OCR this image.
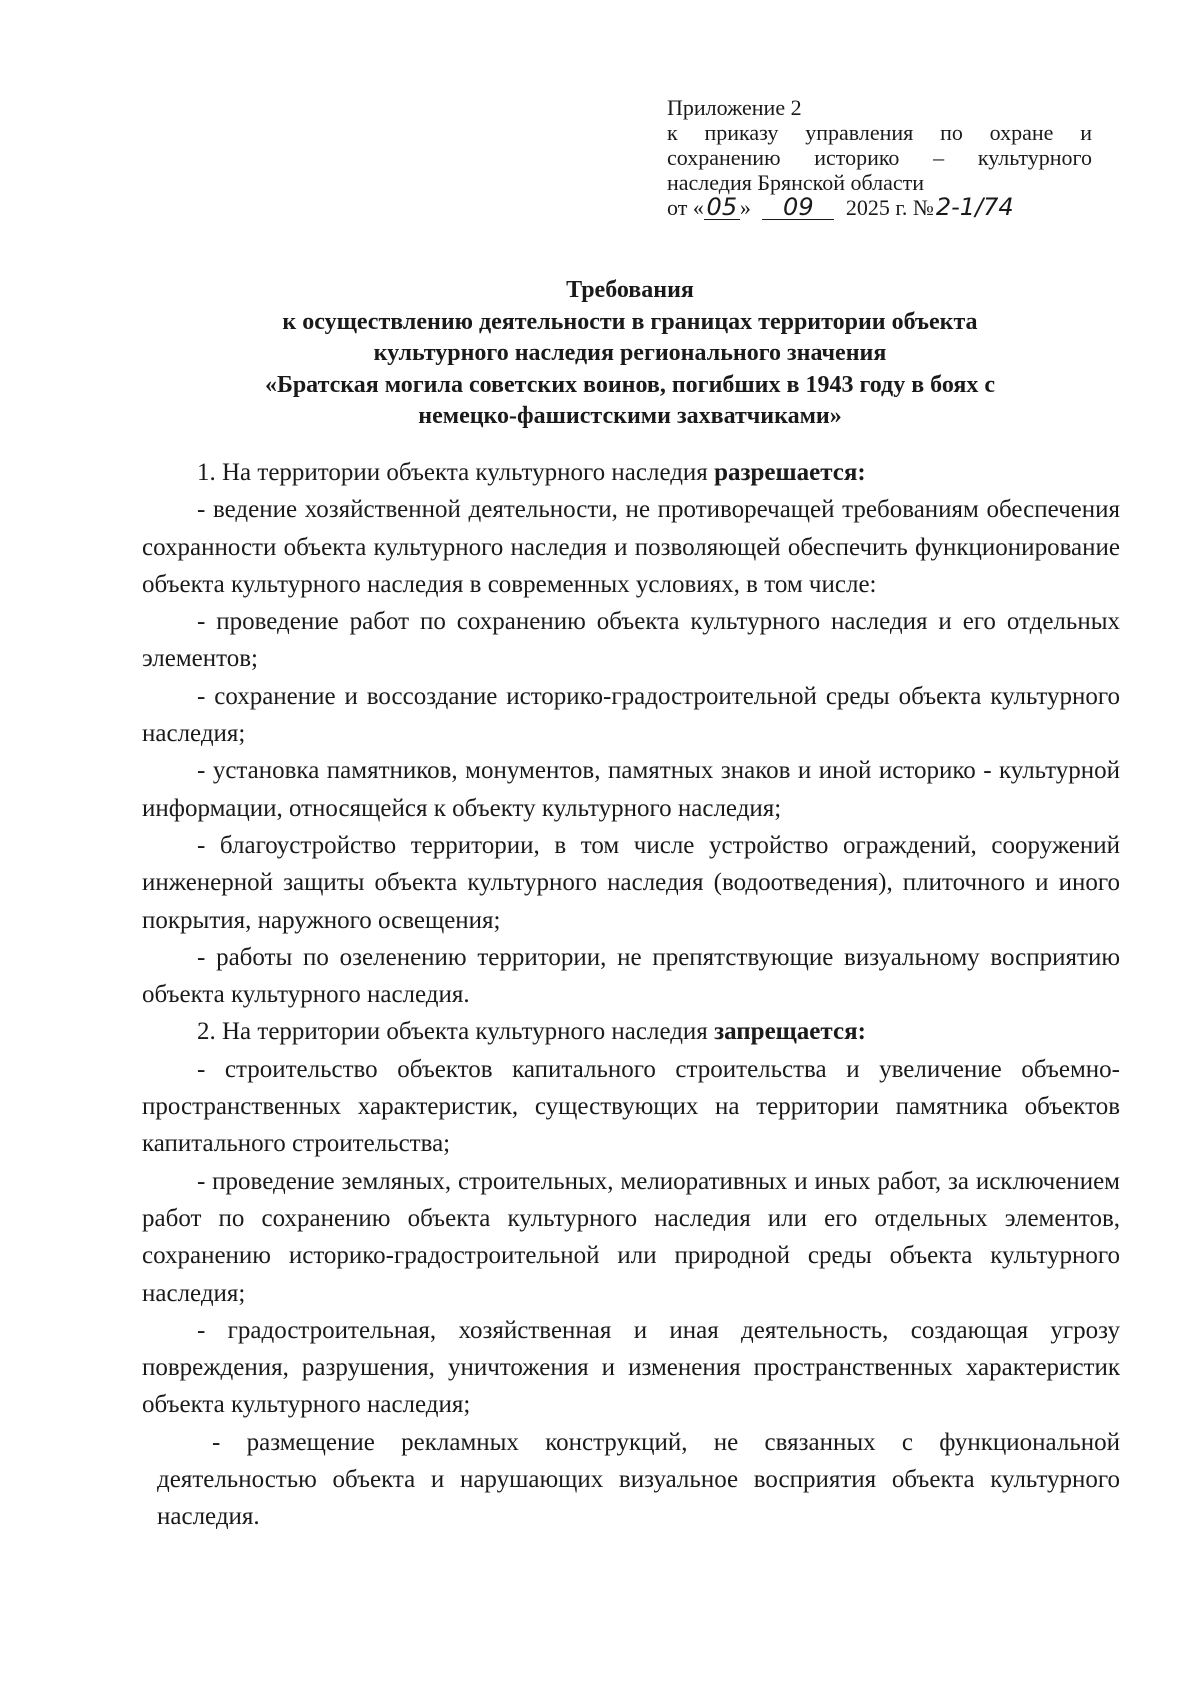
Приложение 2
к приказу управления по охране и
сохранению историко – культурного
наследия Брянской области
от « 05 » 09 2025 г. №2-1/74
Требования
к осуществлению деятельности в границах территории объекта
культурного наследия регионального значения
«Братская могила советских воинов, погибших в 1943 году в боях с
немецко-фашистскими захватчиками»

1. На территории объекта культурного наследия разрешается:

- ведение хозяйственной деятельности, не противоречащей требованиям обеспечения сохранности объекта культурного наследия и позволяющей обеспечить функционирование объекта культурного наследия в современных условиях, в том числе:

- проведение работ по сохранению объекта культурного наследия и его отдельных элементов;

- сохранение и воссоздание историко-градостроительной среды объекта культурного наследия;

- установка памятников, монументов, памятных знаков и иной историко - культурной информации, относящейся к объекту культурного наследия;

- благоустройство территории, в том числе устройство ограждений, сооружений инженерной защиты объекта культурного наследия (водоотведения), плиточного и иного покрытия, наружного освещения;

- работы по озеленению территории, не препятствующие визуальному восприятию объекта культурного наследия.

2. На территории объекта культурного наследия запрещается:

- строительство объектов капитального строительства и увеличение объемно-пространственных характеристик, существующих на территории памятника объектов капитального строительства;

- проведение земляных, строительных, мелиоративных и иных работ, за исключением работ по сохранению объекта культурного наследия или его отдельных элементов, сохранению историко-градостроительной или природной среды объекта культурного наследия;

- градостроительная, хозяйственная и иная деятельность, создающая угрозу повреждения, разрушения, уничтожения и изменения пространственных характеристик объекта культурного наследия;

- размещение рекламных конструкций, не связанных с функциональной деятельностью объекта и нарушающих визуальное восприятия объекта культурного наследия.
